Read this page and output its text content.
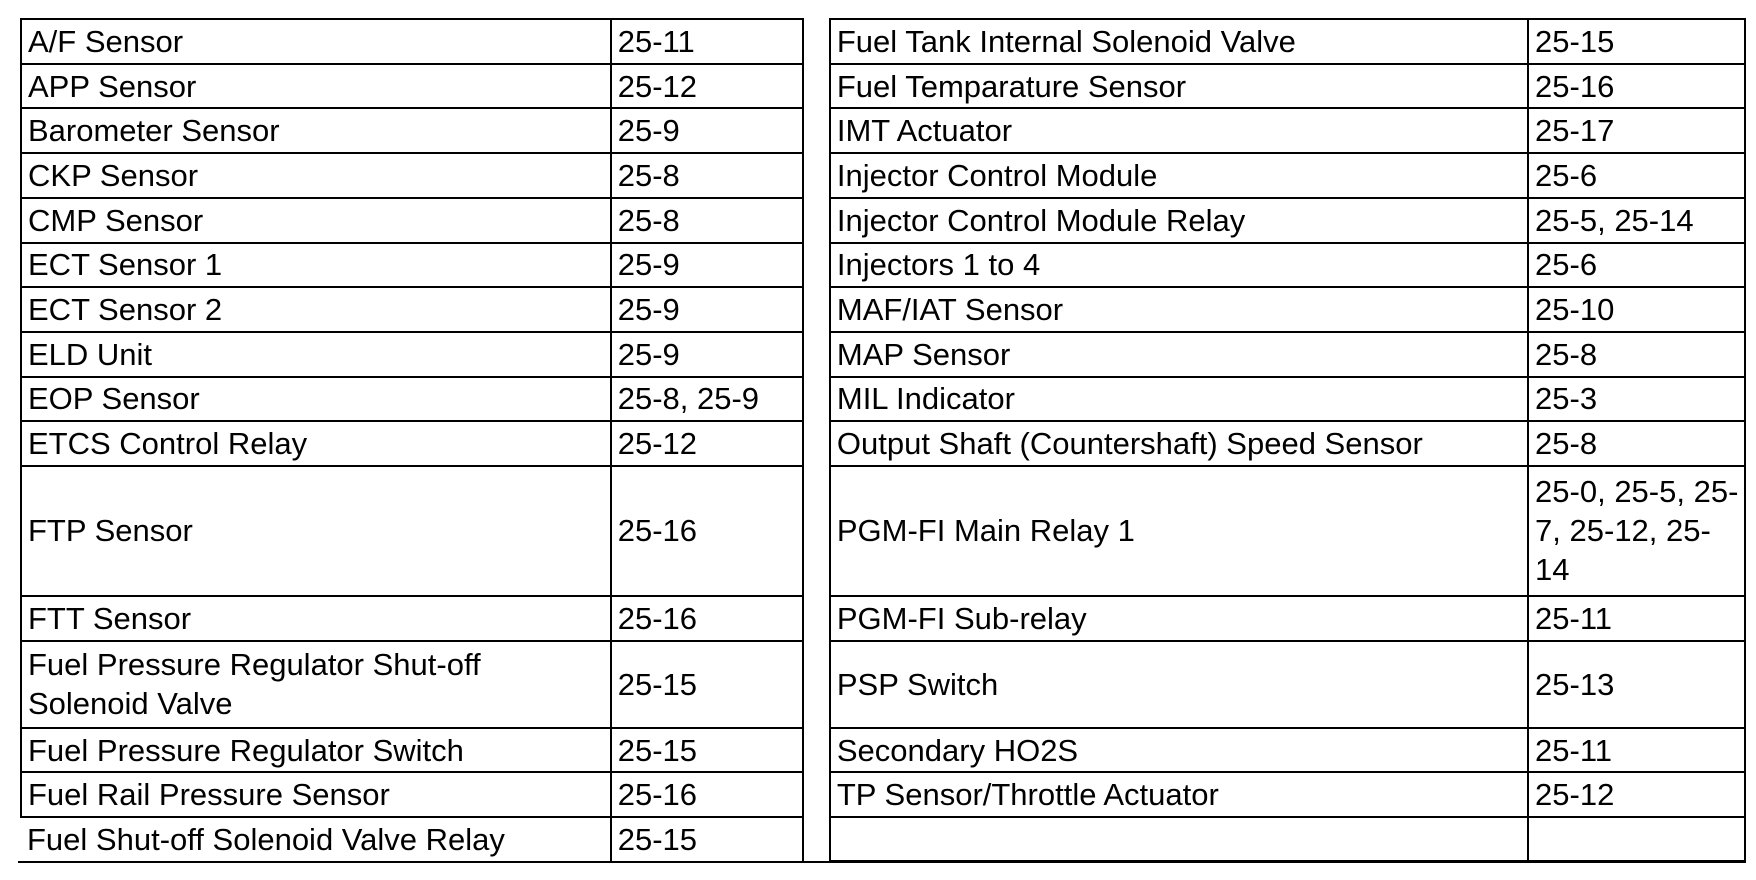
A/F Sensor	25-11		Fuel Tank Internal Solenoid Valve	25-15
APP Sensor	25-12		Fuel Temparature Sensor	25-16
Barometer Sensor	25-9		IMT Actuator	25-17
CKP Sensor	25-8		Injector Control Module	25-6
CMP Sensor	25-8		Injector Control Module Relay	25-5, 25-14
ECT Sensor 1	25-9		Injectors 1 to 4	25-6
ECT Sensor 2	25-9		MAF/IAT Sensor	25-10
ELD Unit	25-9		MAP Sensor	25-8
EOP Sensor	25-8, 25-9		MIL Indicator	25-3
ETCS Control Relay	25-12		Output Shaft (Countershaft) Speed Sensor	25-8
FTP Sensor	25-16		PGM-FI Main Relay 1	25-0, 25-5, 25-7, 25-12, 25-14
FTT Sensor	25-16		PGM-FI Sub-relay	25-11
Fuel Pressure Regulator Shut-off Solenoid Valve	25-15		PSP Switch	25-13
Fuel Pressure Regulator Switch	25-15		Secondary HO2S	25-11
Fuel Rail Pressure Sensor	25-16		TP Sensor/Throttle Actuator	25-12
Fuel Shut-off Solenoid Valve Relay	25-15			
